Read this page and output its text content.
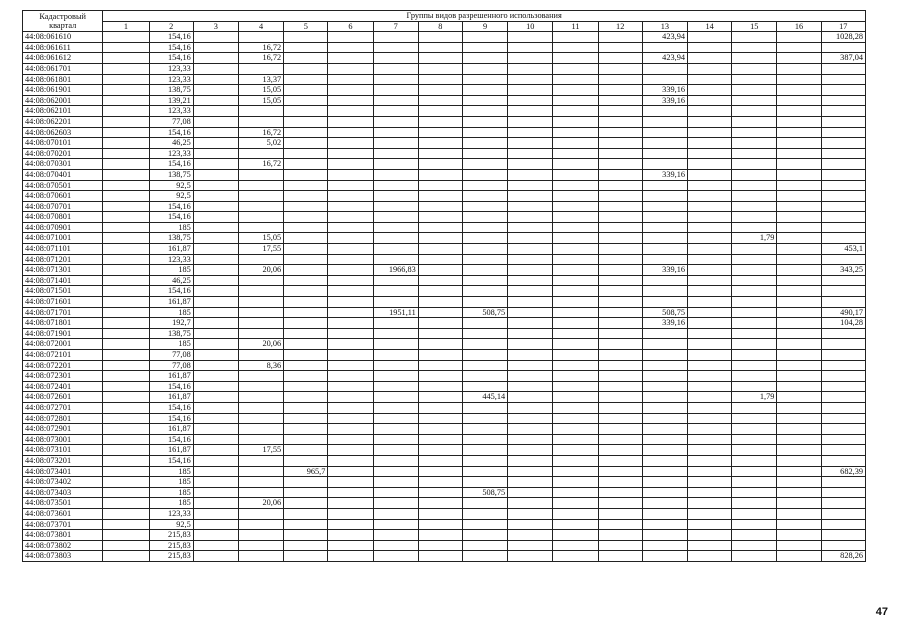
Кадастровый
квартал	Группы видов разрешенного использования																
	1	2	3	4	5	6	7	8	9	10	11	12	13	14	15	16	17
44:08:061610		154,16											423,94				1028,28
44:08:061611		154,16		16,72													
44:08:061612		154,16		16,72									423,94				387,04
44:08:061701		123,33															
44:08:061801		123,33		13,37													
44:08:061901		138,75		15,05									339,16				
44:08:062001		139,21		15,05									339,16				
44:08:062101		123,33															
44:08:062201		77,08															
44:08:062603		154,16		16,72													
44:08:070101		46,25		5,02													
44:08:070201		123,33															
44:08:070301		154,16		16,72													
44:08:070401		138,75											339,16				
44:08:070501		92,5															
44:08:070601		92,5															
44:08:070701		154,16															
44:08:070801		154,16															
44:08:070901		185															
44:08:071001		138,75		15,05											1,79		
44:08:071101		161,87		17,55													453,1
44:08:071201		123,33															
44:08:071301		185		20,06			1966,83						339,16				343,25
44:08:071401		46,25															
44:08:071501		154,16															
44:08:071601		161,87															
44:08:071701		185					1951,11		508,75				508,75				490,17
44:08:071801		192,7											339,16				104,28
44:08:071901		138,75															
44:08:072001		185		20,06													
44:08:072101		77,08															
44:08:072201		77,08		8,36													
44:08:072301		161,87															
44:08:072401		154,16															
44:08:072601		161,87							445,14						1,79		
44:08:072701		154,16															
44:08:072801		154,16															
44:08:072901		161,87															
44:08:073001		154,16															
44:08:073101		161,87		17,55													
44:08:073201		154,16															
44:08:073401		185			965,7												682,39
44:08:073402		185															
44:08:073403		185							508,75								
44:08:073501		185		20,06													
44:08:073601		123,33															
44:08:073701		92,5															
44:08:073801		215,83															
44:08:073802		215,83															
44:08:073803		215,83															828,26
47
